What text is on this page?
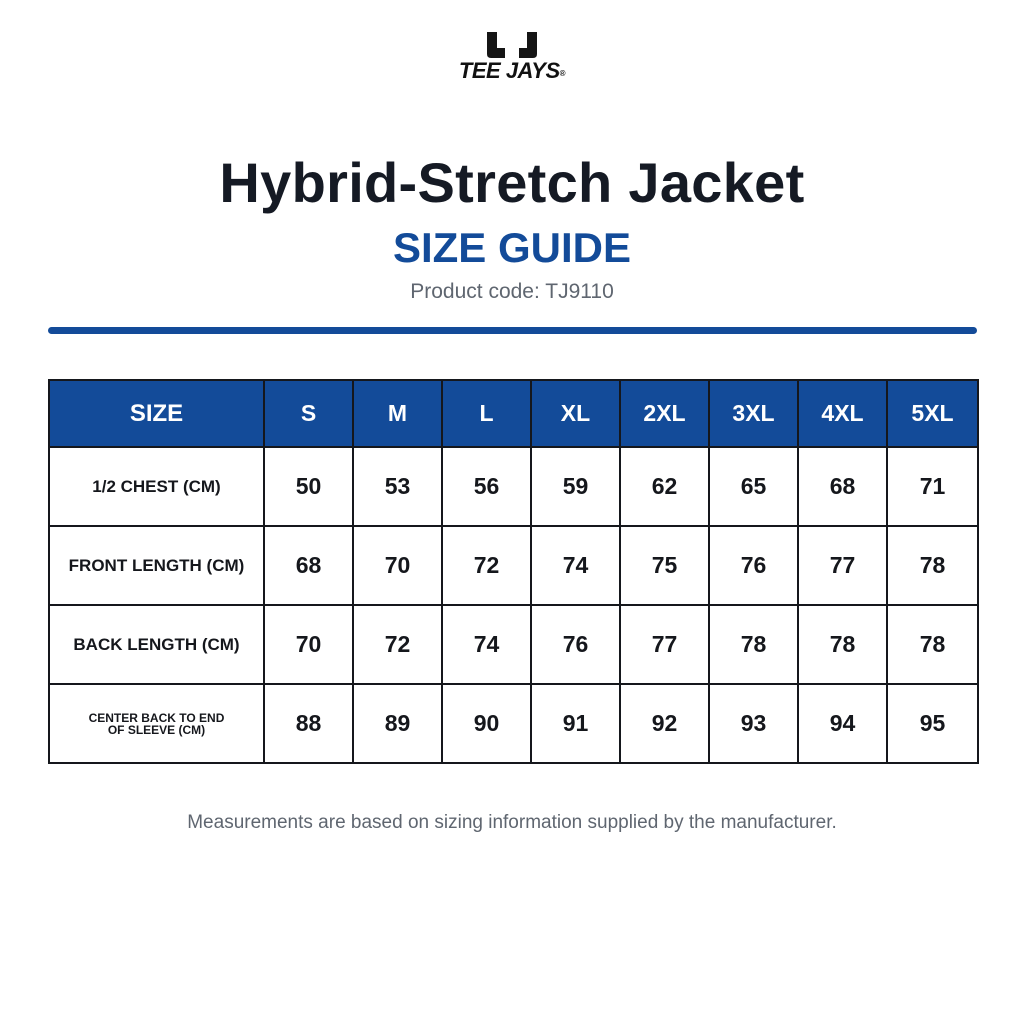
TEE JAYS®
Hybrid-Stretch Jacket
SIZE GUIDE
Product code: TJ9110
SIZE	S	M	L	XL	2XL	3XL	4XL	5XL
1/2 CHEST (CM)	50	53	56	59	62	65	68	71
FRONT LENGTH (CM)	68	70	72	74	75	76	77	78
BACK LENGTH (CM)	70	72	74	76	77	78	78	78
CENTER BACK TO END
OF SLEEVE (CM)	88	89	90	91	92	93	94	95
Measurements are based on sizing information supplied by the manufacturer.
